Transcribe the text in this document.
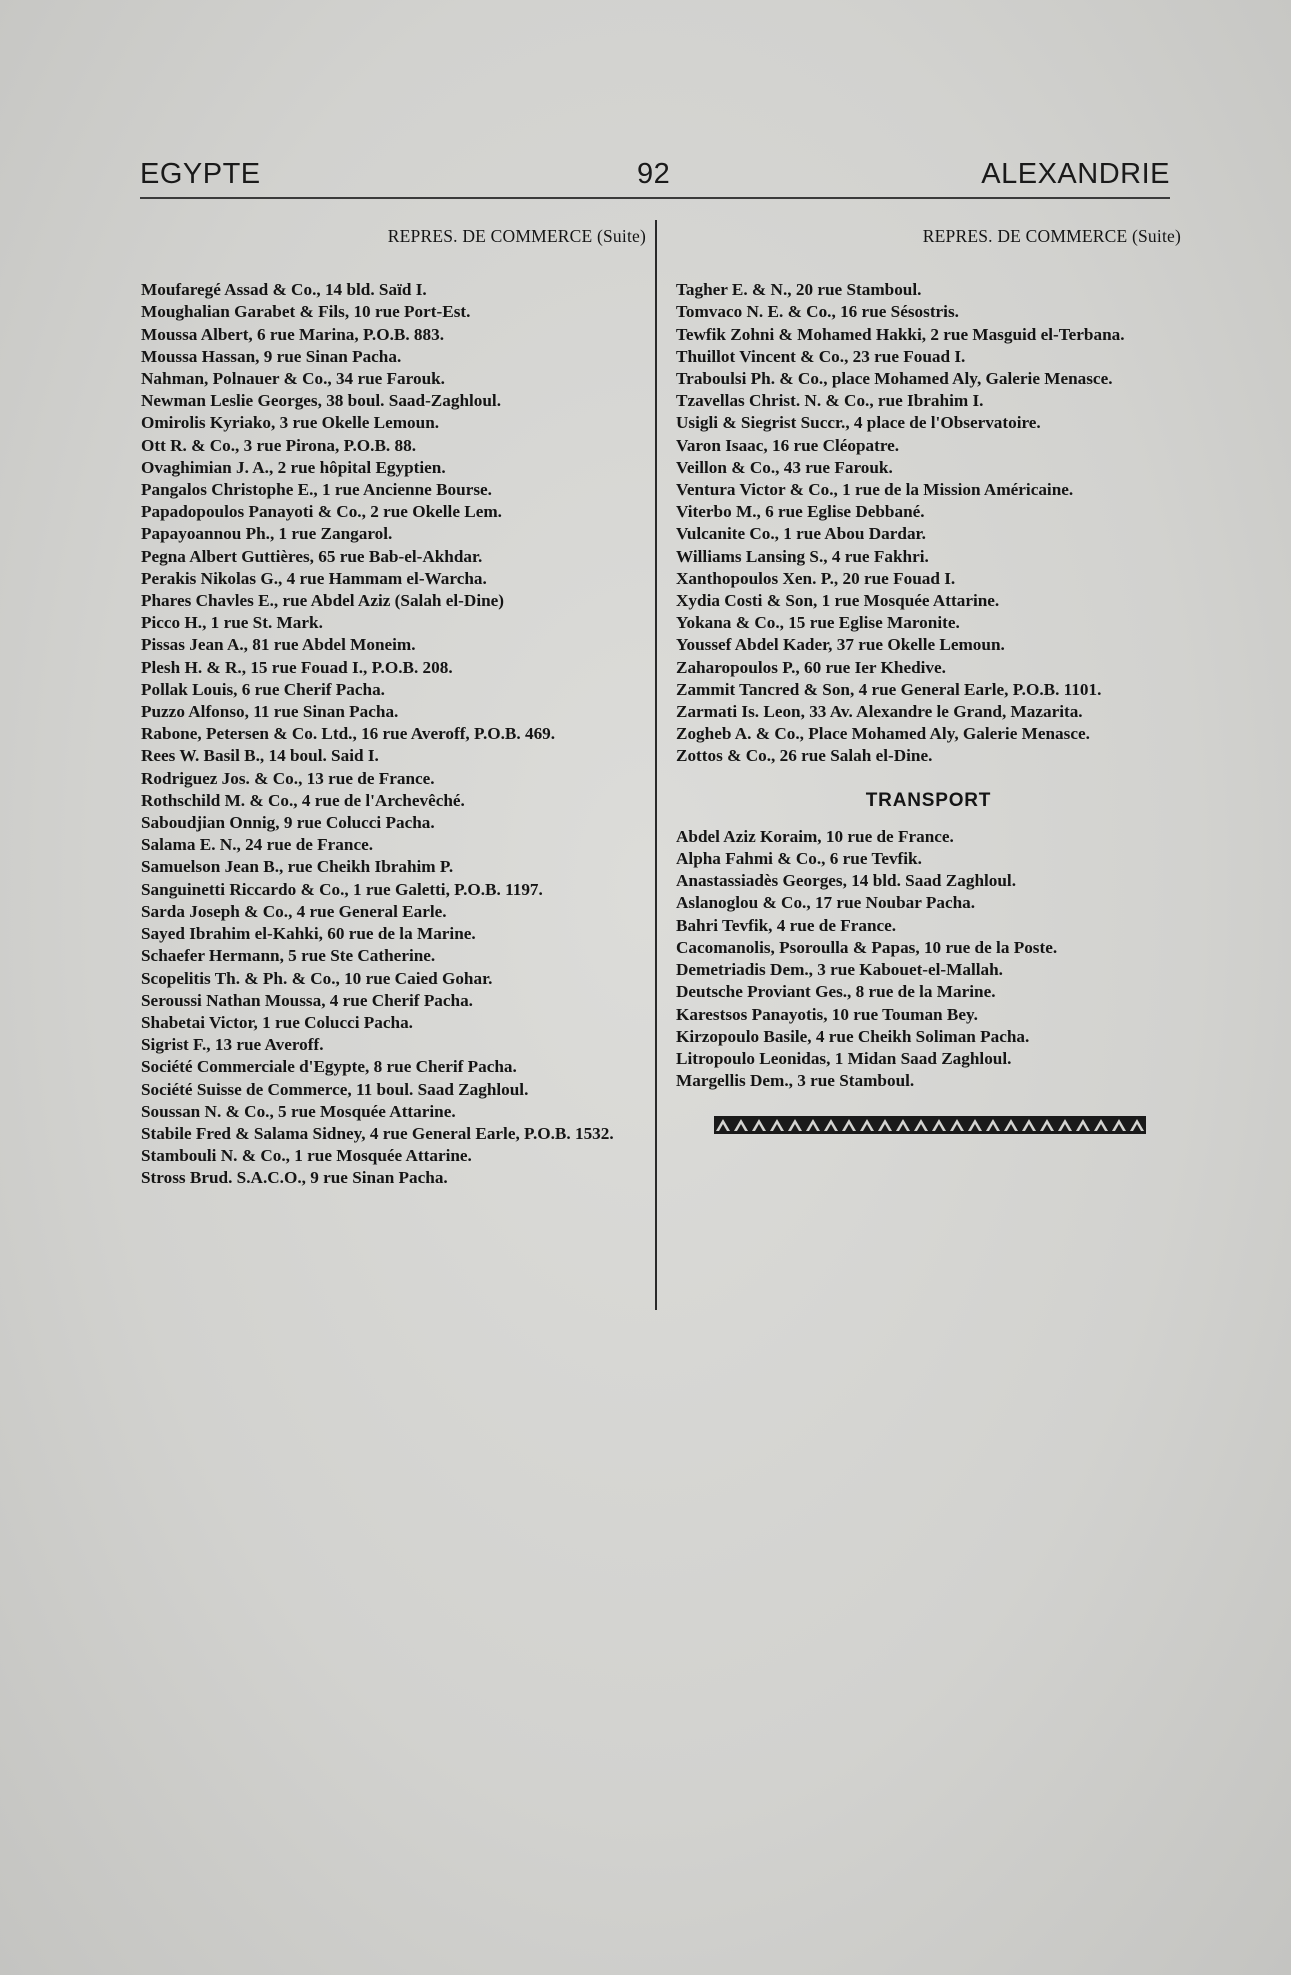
EGYPTE	92	ALEXANDRIE
REPRES. DE COMMERCE (Suite)
Moufaregé Assad & Co., 14 bld. Saïd I.
Moughalian Garabet & Fils, 10 rue Port-Est.
Moussa Albert, 6 rue Marina, P.O.B. 883.
Moussa Hassan, 9 rue Sinan Pacha.
Nahman, Polnauer & Co., 34 rue Farouk.
Newman Leslie Georges, 38 boul. Saad-Zaghloul.
Omirolis Kyriako, 3 rue Okelle Lemoun.
Ott R. & Co., 3 rue Pirona, P.O.B. 88.
Ovaghimian J. A., 2 rue hôpital Egyptien.
Pangalos Christophe E., 1 rue Ancienne Bourse.
Papadopoulos Panayoti & Co., 2 rue Okelle Lem.
Papayoannou Ph., 1 rue Zangarol.
Pegna Albert Guttières, 65 rue Bab-el-Akhdar.
Perakis Nikolas G., 4 rue Hammam el-Warcha.
Phares Chavles E., rue Abdel Aziz (Salah el-Dine)
Picco H., 1 rue St. Mark.
Pissas Jean A., 81 rue Abdel Moneim.
Plesh H. & R., 15 rue Fouad I., P.O.B. 208.
Pollak Louis, 6 rue Cherif Pacha.
Puzzo Alfonso, 11 rue Sinan Pacha.
Rabone, Petersen & Co. Ltd., 16 rue Averoff, P.O.B. 469.
Rees W. Basil B., 14 boul. Said I.
Rodriguez Jos. & Co., 13 rue de France.
Rothschild M. & Co., 4 rue de l'Archevêché.
Saboudjian Onnig, 9 rue Colucci Pacha.
Salama E. N., 24 rue de France.
Samuelson Jean B., rue Cheikh Ibrahim P.
Sanguinetti Riccardo & Co., 1 rue Galetti, P.O.B. 1197.
Sarda Joseph & Co., 4 rue General Earle.
Sayed Ibrahim el-Kahki, 60 rue de la Marine.
Schaefer Hermann, 5 rue Ste Catherine.
Scopelitis Th. & Ph. & Co., 10 rue Caied Gohar.
Seroussi Nathan Moussa, 4 rue Cherif Pacha.
Shabetai Victor, 1 rue Colucci Pacha.
Sigrist F., 13 rue Averoff.
Société Commerciale d'Egypte, 8 rue Cherif Pacha.
Société Suisse de Commerce, 11 boul. Saad Zaghloul.
Soussan N. & Co., 5 rue Mosquée Attarine.
Stabile Fred & Salama Sidney, 4 rue General Earle, P.O.B. 1532.
Stambouli N. & Co., 1 rue Mosquée Attarine.
Stross Brud. S.A.C.O., 9 rue Sinan Pacha.
REPRES. DE COMMERCE (Suite)
Tagher E. & N., 20 rue Stamboul.
Tomvaco N. E. & Co., 16 rue Sésostris.
Tewfik Zohni & Mohamed Hakki, 2 rue Masguid el-Terbana.
Thuillot Vincent & Co., 23 rue Fouad I.
Traboulsi Ph. & Co., place Mohamed Aly, Galerie Menasce.
Tzavellas Christ. N. & Co., rue Ibrahim I.
Usigli & Siegrist Succr., 4 place de l'Observatoire.
Varon Isaac, 16 rue Cléopatre.
Veillon & Co., 43 rue Farouk.
Ventura Victor & Co., 1 rue de la Mission Américaine.
Viterbo M., 6 rue Eglise Debbané.
Vulcanite Co., 1 rue Abou Dardar.
Williams Lansing S., 4 rue Fakhri.
Xanthopoulos Xen. P., 20 rue Fouad I.
Xydia Costi & Son, 1 rue Mosquée Attarine.
Yokana & Co., 15 rue Eglise Maronite.
Youssef Abdel Kader, 37 rue Okelle Lemoun.
Zaharopoulos P., 60 rue Ier Khedive.
Zammit Tancred & Son, 4 rue General Earle, P.O.B. 1101.
Zarmati Is. Leon, 33 Av. Alexandre le Grand, Mazarita.
Zogheb A. & Co., Place Mohamed Aly, Galerie Menasce.
Zottos & Co., 26 rue Salah el-Dine.
TRANSPORT
Abdel Aziz Koraim, 10 rue de France.
Alpha Fahmi & Co., 6 rue Tevfik.
Anastassiadès Georges, 14 bld. Saad Zaghloul.
Aslanoglou & Co., 17 rue Noubar Pacha.
Bahri Tevfik, 4 rue de France.
Cacomanolis, Psoroulla & Papas, 10 rue de la Poste.
Demetriadis Dem., 3 rue Kabouet-el-Mallah.
Deutsche Proviant Ges., 8 rue de la Marine.
Karestsos Panayotis, 10 rue Touman Bey.
Kirzopoulo Basile, 4 rue Cheikh Soliman Pacha.
Litropoulo Leonidas, 1 Midan Saad Zaghloul.
Margellis Dem., 3 rue Stamboul.
